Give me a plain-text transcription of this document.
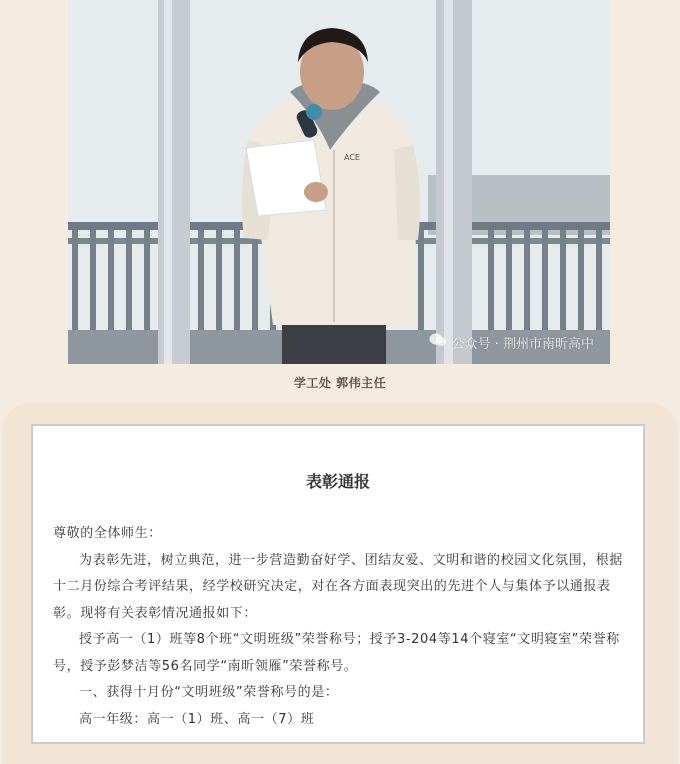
ACE
公众号 · 荆州市南昕高中
学工处 郭伟主任
表彰通报

尊敬的全体师生：

为表彰先进，树立典范，进一步营造勤奋好学、团结友爱、文明和谐的校园文化氛围，根据十二月份综合考评结果，经学校研究决定，对在各方面表现突出的先进个人与集体予以通报表彰。现将有关表彰情况通报如下：

授予高一（1）班等8个班“文明班级”荣誉称号；授予3-204等14个寝室“文明寝室”荣誉称号，授予彭梦洁等56名同学“南昕领雁”荣誉称号。

一、获得十月份“文明班级”荣誉称号的是：

高一年级：高一（1）班、高一（7）班
